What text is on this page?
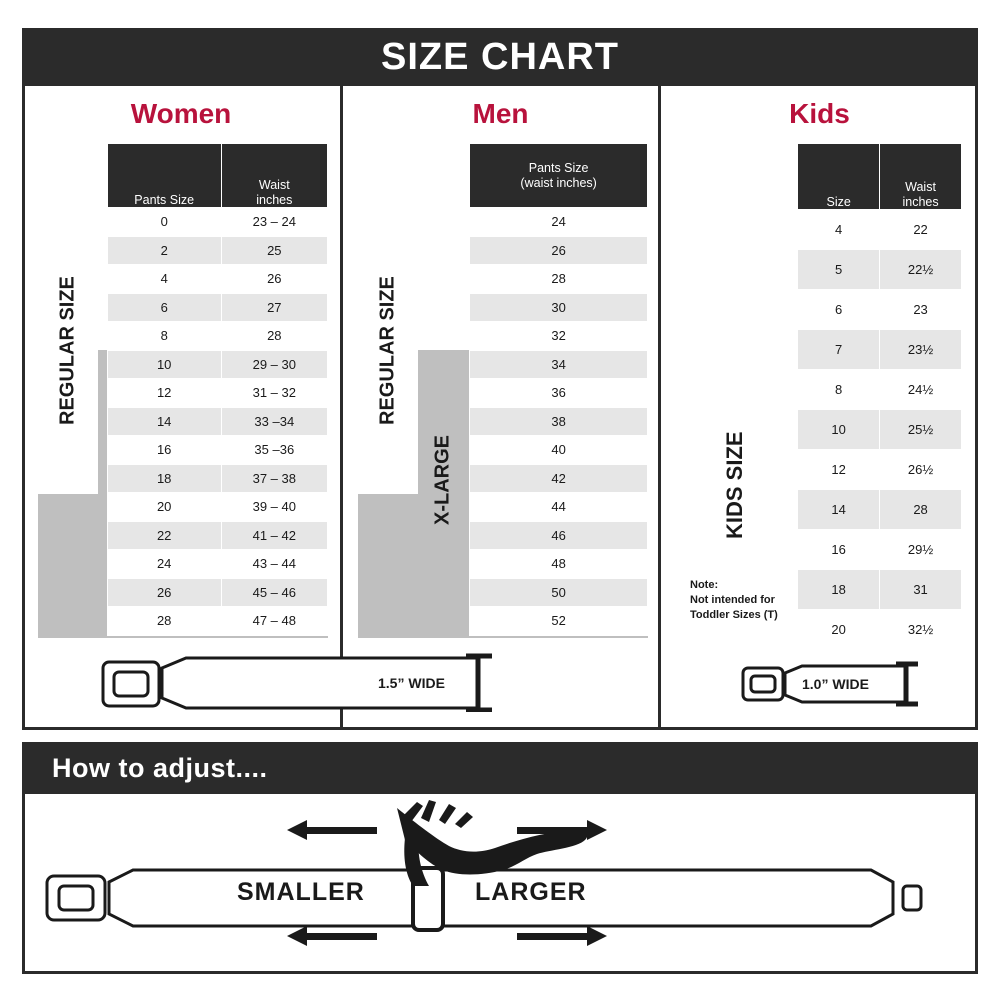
SIZE CHART
Women
REGULAR SIZE
	Pants Size	Waist
inches
	0	23 – 24
	2	25
	4	26
	6	27
	8	28
	10	29 – 30
	12	31 – 32
	14	33 –34
	16	35 –36
	18	37 – 38
	20	39 – 40
	22	41 – 42
	24	43 – 44
	26	45 – 46
	28	47 – 48
Men
REGULAR SIZE
X-LARGE
	Pants Size
(waist inches)
	24
	26
	28
	30
	32
	34
	36
	38
	40
	42
	44
	46
	48
	50
	52
Kids
KIDS SIZE
Note:
Not intended for
Toddler Sizes (T)
	Size	Waist
inches
	4	22
	5	22½
	6	23
	7	23½
	8	24½
	10	25½
	12	26½
	14	28
	16	29½
	18	31
	20	32½
1.5” WIDE	1.0” WIDE
How to adjust....
SMALLER	LARGER
